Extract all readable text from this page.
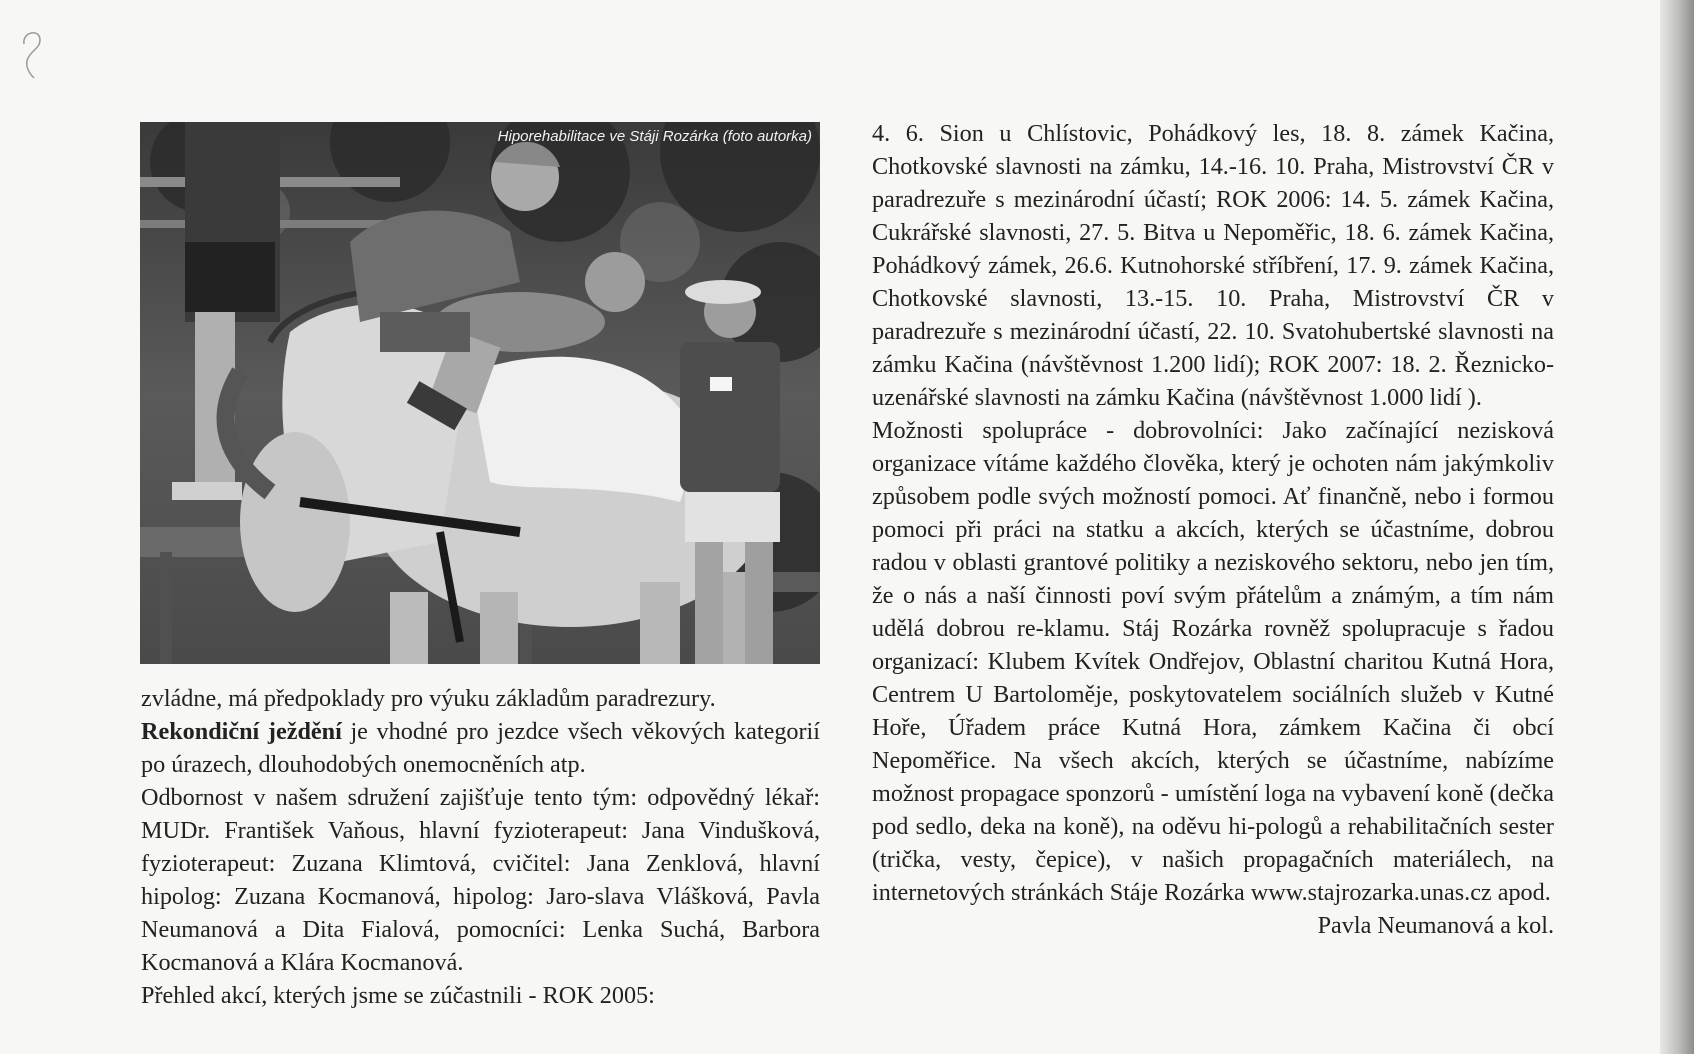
Hiporehabilitace ve Stáji Rozárka (foto autorka)

zvládne, má předpoklady pro výuku základům paradrezury.

Rekondiční ježdění je vhodné pro jezdce všech věkových kategorií po úrazech, dlouhodobých onemocněních atp.

Odbornost v našem sdružení zajišťuje tento tým: odpovědný lékař: MUDr. František Vaňous, hlavní fyzioterapeut: Jana Vindušková, fyzioterapeut: Zuzana Klimtová, cvičitel: Jana Zenklová, hlavní hipolog: Zuzana Kocmanová, hipolog: Jaro-slava Vlášková, Pavla Neumanová a Dita Fialová, pomocníci: Lenka Suchá, Barbora Kocmanová a Klára Kocmanová.

Přehled akcí, kterých jsme se zúčastnili - ROK 2005:

4. 6. Sion u Chlístovic, Pohádkový les, 18. 8. zámek Kačina, Chotkovské slavnosti na zámku, 14.-16. 10. Praha, Mistrovství ČR v paradrezuře s mezinárodní účastí; ROK 2006: 14. 5. zámek Kačina, Cukrářské slavnosti, 27. 5. Bitva u Nepoměřic, 18. 6. zámek Kačina, Pohádkový zámek, 26.6. Kutnohorské stříbření, 17. 9. zámek Kačina, Chotkovské slavnosti, 13.-15. 10. Praha, Mistrovství ČR v paradrezuře s mezinárodní účastí, 22. 10. Svatohubertské slavnosti na zámku Kačina (návštěvnost 1.200 lidí); ROK 2007: 18. 2. Řeznicko-uzenářské slavnosti na zámku Kačina (návštěvnost 1.000 lidí ).

Možnosti spolupráce - dobrovolníci: Jako začínající nezisková organizace vítáme každého člověka, který je ochoten nám jakýmkoliv způsobem podle svých možností pomoci. Ať finančně, nebo i formou pomoci při práci na statku a akcích, kterých se účastníme, dobrou radou v oblasti grantové politiky a neziskového sektoru, nebo jen tím, že o nás a naší činnosti poví svým přátelům a známým, a tím nám udělá dobrou re-klamu. Stáj Rozárka rovněž spolupracuje s řadou organizací: Klubem Kvítek Ondřejov, Oblastní charitou Kutná Hora, Centrem U Bartoloměje, poskytovatelem sociálních služeb v Kutné Hoře, Úřadem práce Kutná Hora, zámkem Kačina či obcí Nepoměřice. Na všech akcích, kterých se účastníme, nabízíme možnost propagace sponzorů - umístění loga na vybavení koně (dečka pod sedlo, deka na koně), na oděvu hi-pologů a rehabilitačních sester (trička, vesty, čepice), v našich propagačních materiálech, na internetových stránkách Stáje Rozárka www.stajrozarka.unas.cz apod.

Pavla Neumanová a kol.
